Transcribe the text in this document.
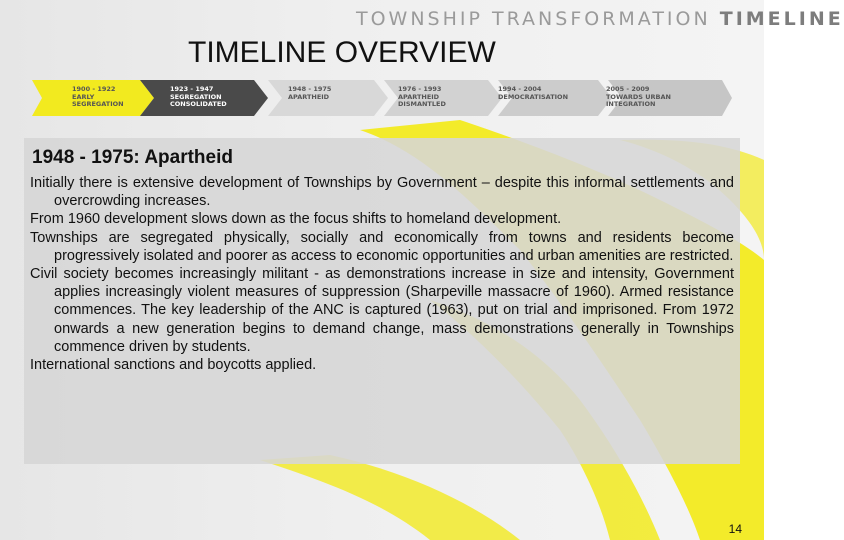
TOWNSHIP TRANSFORMATION TIMELINE
TIMELINE OVERVIEW
1900 - 1922
EARLY
SEGREGATION
1923 - 1947
SEGREGATION
CONSOLIDATED
1948 - 1975
APARTHEID
1976 - 1993
APARTHEID
DISMANTLED
1994 - 2004
DEMOCRATISATION
2005 - 2009
TOWARDS URBAN
INTEGRATION
1948 - 1975: Apartheid

Initially there is extensive development of Townships by Government – despite this informal settlements and overcrowding increases.

From 1960 development slows down as the focus shifts to homeland development.

Townships are segregated physically, socially and economically from towns and residents become progressively isolated and poorer as access to economic opportunities and urban amenities are restricted.

Civil society becomes increasingly militant - as demonstrations increase in size and intensity, Government applies increasingly violent measures of suppression (Sharpeville massacre of 1960). Armed resistance commences. The key leadership of the ANC is captured (1963), put on trial and imprisoned. From 1972 onwards a new generation begins to demand change, mass demonstrations generally in Townships commence driven by students.

International sanctions and boycotts applied.

14
